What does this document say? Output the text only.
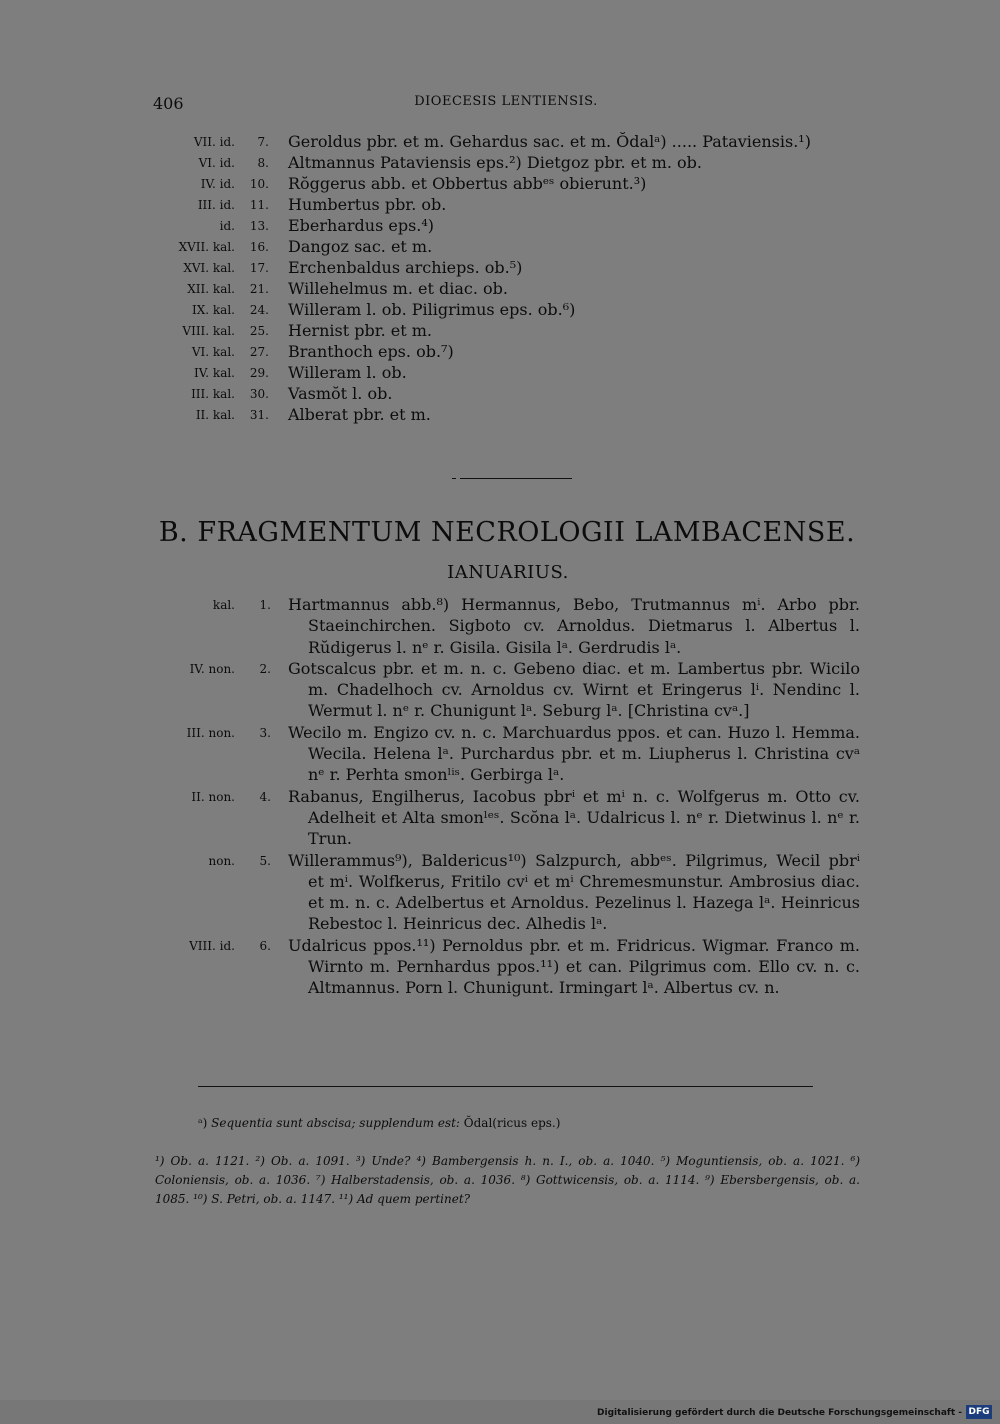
406	DIOECESIS LENTIENSIS.
VII. id.	7. Geroldus pbr. et m. Gehardus sac. et m. Ŏdalᵃ) ..... Pataviensis.¹)
VI. id.	8. Altmannus Pataviensis eps.²) Dietgoz pbr. et m. ob.
IV. id.	10. Rŏggerus abb. et Obbertus abbᵉˢ obierunt.³)
III. id.	11. Humbertus pbr. ob.
id.	13. Eberhardus eps.⁴)
XVII. kal.	16. Dangoz sac. et m.
XVI. kal.	17. Erchenbaldus archieps. ob.⁵)
XII. kal.	21. Willehelmus m. et diac. ob.
IX. kal.	24. Willeram l. ob. Piligrimus eps. ob.⁶)
VIII. kal.	25. Hernist pbr. et m.
VI. kal.	27. Branthoch eps. ob.⁷)
IV. kal.	29. Willeram l. ob.
III. kal.	30. Vasmŏt l. ob.
II. kal.	31. Alberat pbr. et m.
B. FRAGMENTUM NECROLOGII LAMBACENSE.
IANUARIUS.
kal.	1. Hartmannus abb.⁸) Hermannus, Bebo, Trutmannus mⁱ. Arbo pbr. Staeinchirchen. Sigboto cv. Arnoldus. Dietmarus l. Albertus l. Rŭdigerus l. nᵉ r. Gisila. Gisila lᵃ. Gerdrudis lᵃ.
IV. non.	2. Gotscalcus pbr. et m. n. c. Gebeno diac. et m. Lambertus pbr. Wicilo m. Chadelhoch cv. Arnoldus cv. Wirnt et Eringerus lⁱ. Nendinc l. Wermut l. nᵉ r. Chunigunt lᵃ. Seburg lᵃ. [Christina cvᵃ.]
III. non.	3. Wecilo m. Engizo cv. n. c. Marchuardus ppos. et can. Huzo l. Hemma. Wecila. Helena lᵃ. Purchardus pbr. et m. Liupherus l. Christina cvᵃ nᵉ r. Perhta smonˡⁱˢ. Gerbirga lᵃ.
II. non.	4. Rabanus, Engilherus, Iacobus pbrⁱ et mⁱ n. c. Wolfgerus m. Otto cv. Adelheit et Alta smonˡᵉˢ. Scŏna lᵃ. Udalricus l. nᵉ r. Dietwinus l. nᵉ r. Trun.
non.	5. Willerammus⁹), Baldericus¹⁰) Salzpurch, abbᵉˢ. Pilgrimus, Wecil pbrⁱ et mⁱ. Wolfkerus, Fritilo cvⁱ et mⁱ Chremesmunstur. Ambrosius diac. et m. n. c. Adelbertus et Arnoldus. Pezelinus l. Hazega lᵃ. Heinricus Rebestoc l. Heinricus dec. Alhedis lᵃ.
VIII. id.	6. Udalricus ppos.¹¹) Pernoldus pbr. et m. Fridricus. Wigmar. Franco m. Wirnto m. Pernhardus ppos.¹¹) et can. Pilgrimus com. Ello cv. n. c. Altmannus. Porn l. Chunigunt. Irmingart lᵃ. Albertus cv. n.
ᵃ) Sequentia sunt abscisa; supplendum est: Ŏdal(ricus eps.)
¹) Ob. a. 1121. ²) Ob. a. 1091. ³) Unde? ⁴) Bambergensis h. n. I., ob. a. 1040. ⁵) Moguntiensis, ob. a. 1021. ⁶) Coloniensis, ob. a. 1036. ⁷) Halberstadensis, ob. a. 1036. ⁸) Gottwicensis, ob. a. 1114. ⁹) Ebersbergensis, ob. a. 1085. ¹⁰) S. Petri, ob. a. 1147. ¹¹) Ad quem pertinet?
Digitalisierung gefördert durch die Deutsche Forschungsgemeinschaft - DFG
